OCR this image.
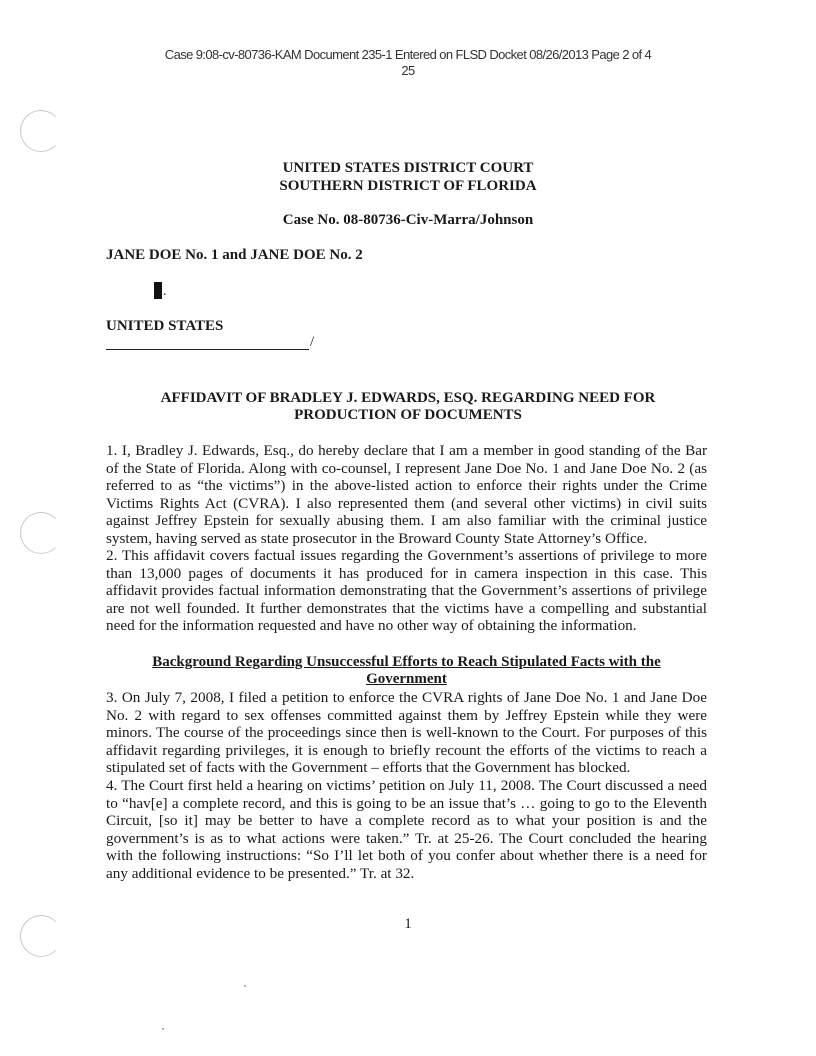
Case 9:08-cv-80736-KAM Document 235-1 Entered on FLSD Docket 08/26/2013 Page 2 of 4
25
UNITED STATES DISTRICT COURT
SOUTHERN DISTRICT OF FLORIDA
Case No. 08-80736-Civ-Marra/Johnson
JANE DOE No. 1 and JANE DOE No. 2
.
UNITED STATES
/
AFFIDAVIT OF BRADLEY J. EDWARDS, ESQ. REGARDING NEED FOR
PRODUCTION OF DOCUMENTS

1. I, Bradley J. Edwards, Esq., do hereby declare that I am a member in good standing of the Bar of the State of Florida. Along with co-counsel, I represent Jane Doe No. 1 and Jane Doe No. 2 (as referred to as “the victims”) in the above-listed action to enforce their rights under the Crime Victims Rights Act (CVRA). I also represented them (and several other victims) in civil suits against Jeffrey Epstein for sexually abusing them. I am also familiar with the criminal justice system, having served as state prosecutor in the Broward County State Attorney’s Office.

2. This affidavit covers factual issues regarding the Government’s assertions of privilege to more than 13,000 pages of documents it has produced for in camera inspection in this case. This affidavit provides factual information demonstrating that the Government’s assertions of privilege are not well founded. It further demonstrates that the victims have a compelling and substantial need for the information requested and have no other way of obtaining the information.

Background Regarding Unsuccessful Efforts to Reach Stipulated Facts with the
Government

3. On July 7, 2008, I filed a petition to enforce the CVRA rights of Jane Doe No. 1 and Jane Doe No. 2 with regard to sex offenses committed against them by Jeffrey Epstein while they were minors. The course of the proceedings since then is well-known to the Court. For purposes of this affidavit regarding privileges, it is enough to briefly recount the efforts of the victims to reach a stipulated set of facts with the Government – efforts that the Government has blocked.

4. The Court first held a hearing on victims’ petition on July 11, 2008. The Court discussed a need to “hav[e] a complete record, and this is going to be an issue that’s … going to go to the Eleventh Circuit, [so it] may be better to have a complete record as to what your position is and the government’s is as to what actions were taken.” Tr. at 25-26. The Court concluded the hearing with the following instructions: “So I’ll let both of you confer about whether there is a need for any additional evidence to be presented.” Tr. at 32.

1
